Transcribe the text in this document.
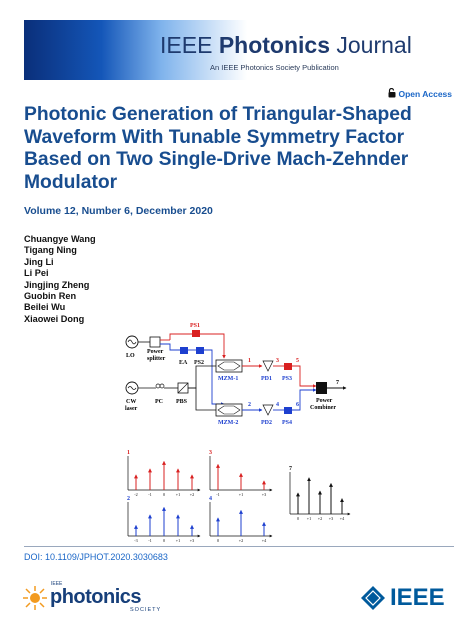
IEEE Photonics Journal
An IEEE Photonics Society Publication
Open Access
Photonic Generation of Triangular-Shaped Waveform With Tunable Symmetry Factor Based on Two Single-Drive Mach-Zehnder Modulator
Volume 12, Number 6, December 2020
Chuangye Wang
Tigang Ning
Jing Li
Li Pei
Jingjing Zheng
Guobin Ren
Beilei Wu
Xiaowei Dong
LO
Power
splitter
PS1
EA PS2
MZM-1
CW
laser
PC PBS
MZM-2
1
PD1
3
PS3
5
2
PD2
4
PS4
6
Power
Combiner
7
1
-2	-1	0	+1 +2
3
-1	+1	+3
2
-3	-1	0	+1 +3
4
0	+2	+4
7
0 +1 +2 +3 +4
DOI: 10.1109/JPHOT.2020.3030683
IEEE
photonics
SOCIETY	IEEE
